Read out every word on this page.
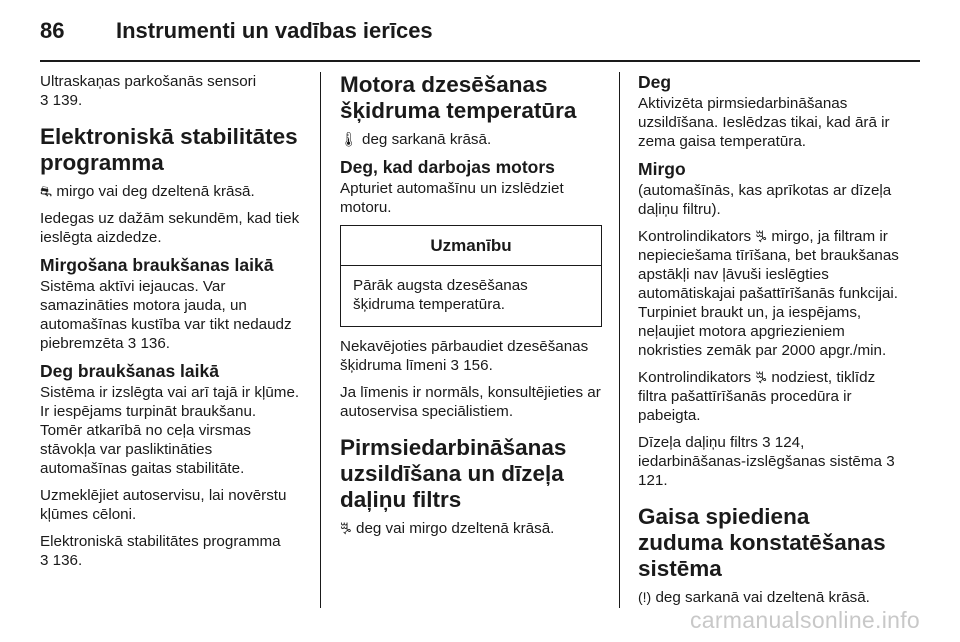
86 Instrumenti un vadības ierīces
Ultraskaņas parkošanās sensori
3 139.
Elektroniskā stabilitātes programma
⛐ mirgo vai deg dzeltenā krāsā.
Iedegas uz dažām sekundēm, kad tiek ieslēgta aizdedze.
Mirgošana braukšanas laikā
Sistēma aktīvi iejaucas. Var samazināties motora jauda, un automašīnas kustība var tikt nedaudz piebremzēta 3 136.
Deg braukšanas laikā
Sistēma ir izslēgta vai arī tajā ir kļūme. Ir iespējams turpināt braukšanu. Tomēr atkarībā no ceļa virsmas stāvokļa var pasliktināties automašīnas gaitas stabilitāte.
Uzmeklējiet autoservisu, lai novērstu kļūmes cēloni.
Elektroniskā stabilitātes programma
3 136.
Motora dzesēšanas šķidruma temperatūra
🌡 deg sarkanā krāsā.
Deg, kad darbojas motors
Apturiet automašīnu un izslēdziet motoru.
Uzmanību
Pārāk augsta dzesēšanas šķidruma temperatūra.
Nekavējoties pārbaudiet dzesēšanas šķidruma līmeni 3 156.
Ja līmenis ir normāls, konsultējieties ar autoservisa speciālistiem.
Pirmsiedarbināšanas uzsildīšana un dīzeļa daļiņu filtrs
ꔨ deg vai mirgo dzeltenā krāsā.
Deg
Aktivizēta pirmsiedarbināšanas uzsildīšana. Ieslēdzas tikai, kad ārā ir zema gaisa temperatūra.
Mirgo
(automašīnās, kas aprīkotas ar dīzeļa daļiņu filtru).
Kontrolindikators ꔨ mirgo, ja filtram ir nepieciešama tīrīšana, bet braukšanas apstākļi nav ļāvuši ieslēgties automātiskajai pašattīrīšanās funkcijai. Turpiniet braukt un, ja iespējams, neļaujiet motora apgriezieniem nokristies zemāk par 2000 apgr./min.
Kontrolindikators ꔨ nodziest, tiklīdz filtra pašattīrīšanās procedūra ir pabeigta.
Dīzeļa daļiņu filtrs 3 124, iedarbināšanas-izslēgšanas sistēma 3 121.
Gaisa spiediena zuduma konstatēšanas sistēma
(!) deg sarkanā vai dzeltenā krāsā.
carmanualsonline.info
